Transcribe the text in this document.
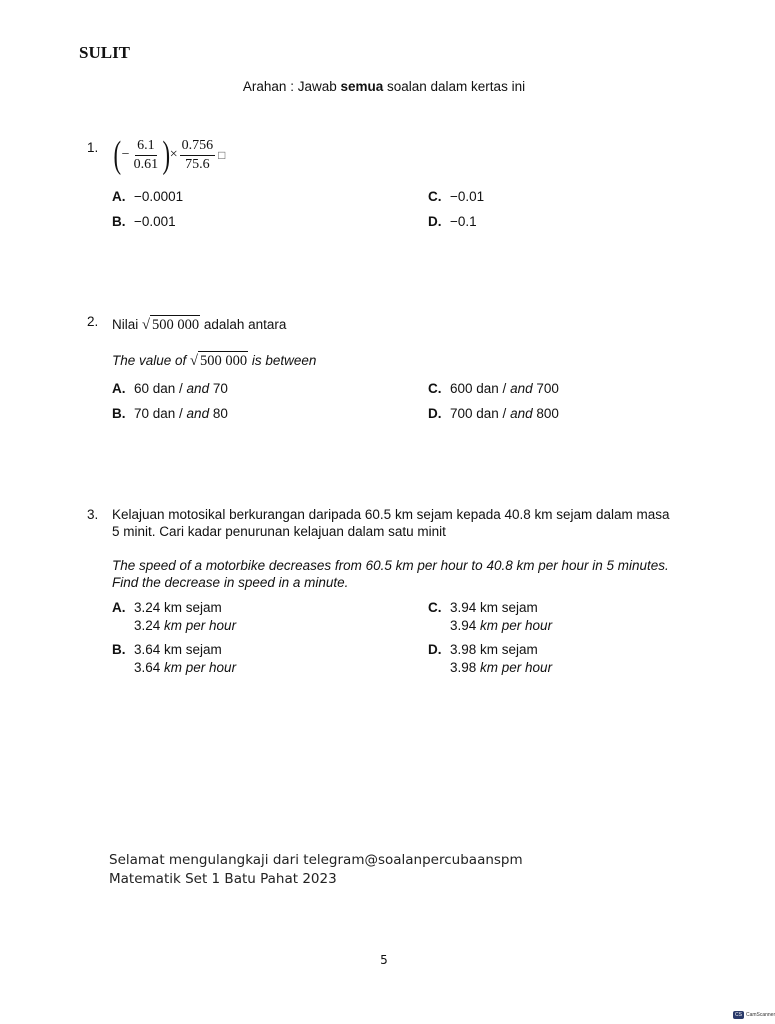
SULIT
Arahan : Jawab semua soalan dalam kertas ini
1. ( − $\frac{6.1}{0.61}$ ) × $\frac{0.756}{75.6}$ □
A. −0.0001
B. −0.001
C. −0.01
D. −0.1
2. Nilai √ 500 000 adalah antara
The value of √ 500 000 is between
A. 60 dan / and 70
B. 70 dan / and 80
C. 600 dan / and 700
D. 700 dan / and 800
3. Kelajuan motosikal berkurangan daripada 60.5 km sejam kepada 40.8 km sejam dalam masa
5 minit. Cari kadar penurunan kelajuan dalam satu minit
The speed of a motorbike decreases from 60.5 km per hour to 40.8 km per hour in 5 minutes.
Find the decrease in speed in a minute.
A. 3.24 km sejam
3.24 km per hour
B. 3.64 km sejam
3.64 km per hour
C. 3.94 km sejam
3.94 km per hour
D. 3.98 km sejam
3.98 km per hour
Selamat mengulangkaji dari telegram@soalanpercubaanspm
Matematik Set 1 Batu Pahat 2023
5
CS CamScanner
